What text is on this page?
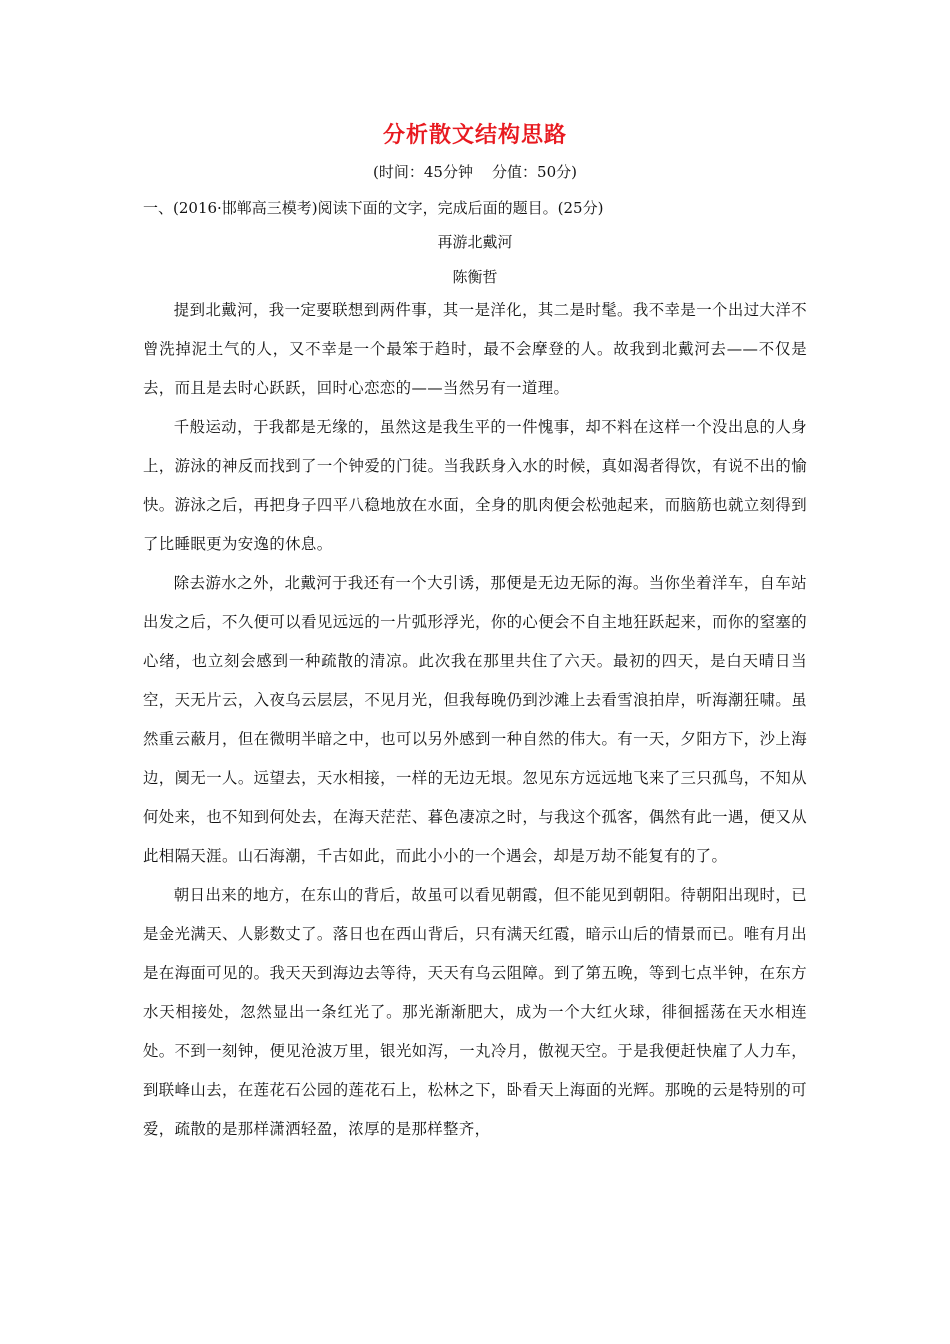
分析散文结构思路
(时间：45分钟    分值：50分)
一、(2016·邯郸高三模考)阅读下面的文字，完成后面的题目。(25分)
再游北戴河
陈衡哲

提到北戴河，我一定要联想到两件事，其一是洋化，其二是时髦。我不幸是一个出过大洋不曾洗掉泥土气的人，又不幸是一个最笨于趋时，最不会摩登的人。故我到北戴河去——不仅是去，而且是去时心跃跃，回时心恋恋的——当然另有一道理。

千般运动，于我都是无缘的，虽然这是我生平的一件愧事，却不料在这样一个没出息的人身上，游泳的神反而找到了一个钟爱的门徒。当我跃身入水的时候，真如渴者得饮，有说不出的愉快。游泳之后，再把身子四平八稳地放在水面，全身的肌肉便会松弛起来，而脑筋也就立刻得到了比睡眠更为安逸的休息。

除去游水之外，北戴河于我还有一个大引诱，那便是无边无际的海。当你坐着洋车，自车站出发之后，不久便可以看见远远的一片弧形浮光，你的心便会不自主地狂跃起来，而你的窒塞的心绪，也立刻会感到一种疏散的清凉。此次我在那里共住了六天。最初的四天，是白天晴日当空，天无片云，入夜乌云层层，不见月光，但我每晚仍到沙滩上去看雪浪拍岸，听海潮狂啸。虽然重云蔽月，但在微明半暗之中，也可以另外感到一种自然的伟大。有一天，夕阳方下，沙上海边，阒无一人。远望去，天水相接，一样的无边无垠。忽见东方远远地飞来了三只孤鸟，不知从何处来，也不知到何处去，在海天茫茫、暮色凄凉之时，与我这个孤客，偶然有此一遇，便又从此相隔天涯。山石海潮，千古如此，而此小小的一个遇会，却是万劫不能复有的了。

朝日出来的地方，在东山的背后，故虽可以看见朝霞，但不能见到朝阳。待朝阳出现时，已是金光满天、人影数丈了。落日也在西山背后，只有满天红霞，暗示山后的情景而已。唯有月出是在海面可见的。我天天到海边去等待，天天有乌云阻障。到了第五晚，等到七点半钟，在东方水天相接处，忽然显出一条红光了。那光渐渐肥大，成为一个大红火球，徘徊摇荡在天水相连处。不到一刻钟，便见沧波万里，银光如泻，一丸冷月，傲视天空。于是我便赶快雇了人力车，到联峰山去，在莲花石公园的莲花石上，松林之下，卧看天上海面的光辉。那晚的云是特别的可爱，疏散的是那样潇洒轻盈，浓厚的是那样整齐，
